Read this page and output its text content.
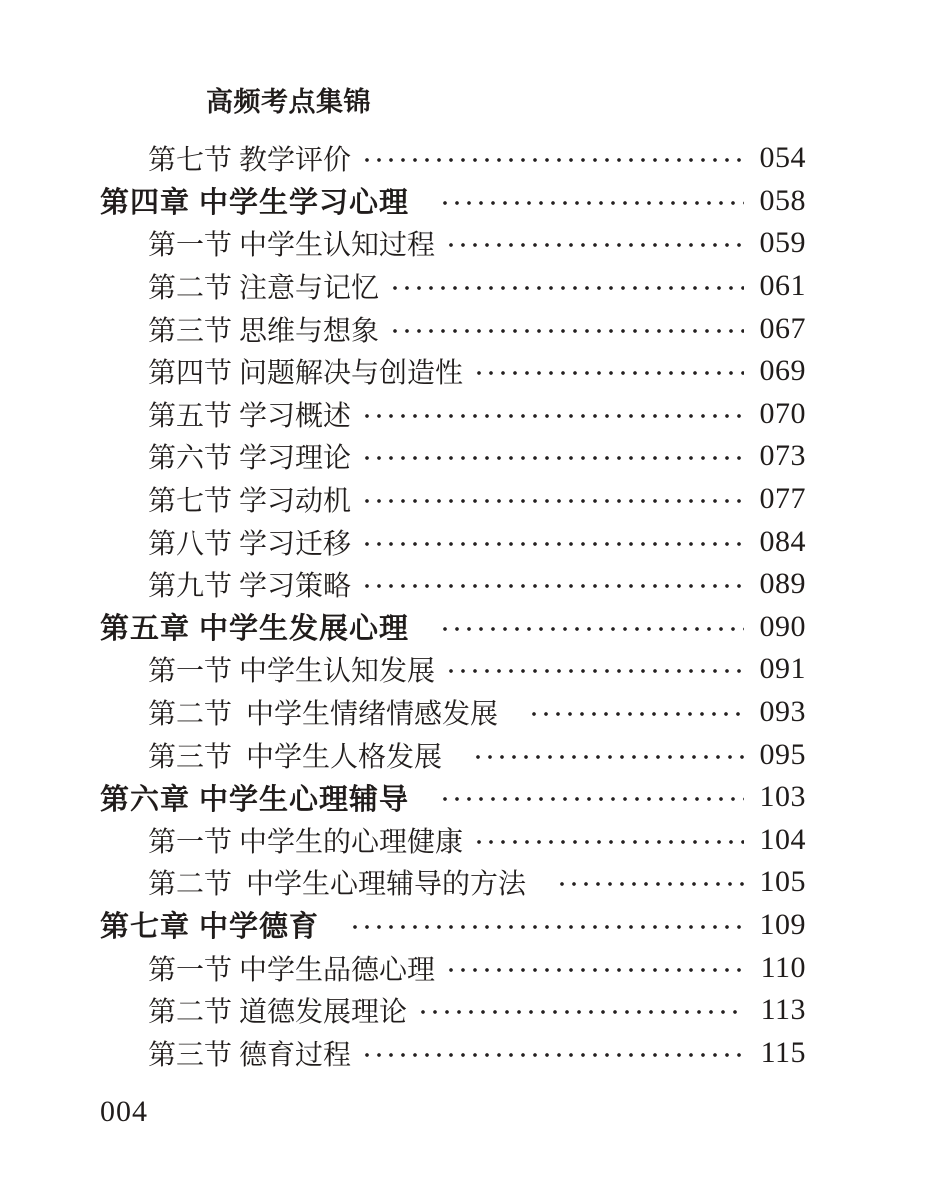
高频考点集锦
第七节 教学评价	054
第四章 中学生学习心理	058
第一节 中学生认知过程	059
第二节 注意与记忆	061
第三节 思维与想象	067
第四节 问题解决与创造性	069
第五节 学习概述	070
第六节 学习理论	073
第七节 学习动机	077
第八节 学习迁移	084
第九节 学习策略	089
第五章 中学生发展心理	090
第一节 中学生认知发展	091
第二节  中学生情绪情感发展	093
第三节  中学生人格发展	095
第六章 中学生心理辅导	103
第一节 中学生的心理健康	104
第二节  中学生心理辅导的方法	105
第七章 中学德育	109
第一节 中学生品德心理	110
第二节 道德发展理论	113
第三节 德育过程	115
004
